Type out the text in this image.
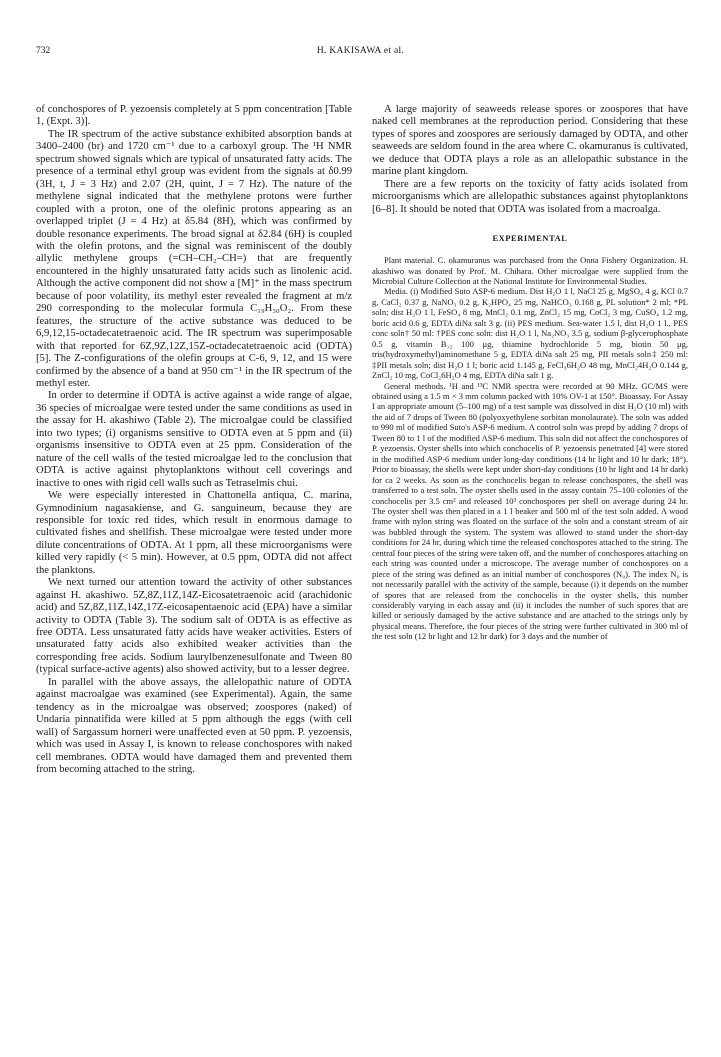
732	H. KAKISAWA et al.

of conchospores of P. yezoensis completely at 5 ppm concentration [Table 1, (Expt. 3)].

The IR spectrum of the active substance exhibited absorption bands at 3400–2400 (br) and 1720 cm⁻¹ due to a carboxyl group. The ¹H NMR spectrum showed signals which are typical of unsaturated fatty acids. The presence of a terminal ethyl group was evident from the signals at δ0.99 (3H, t, J = 3 Hz) and 2.07 (2H, quint, J = 7 Hz). The nature of the methylene signal indicated that the methylene protons were further coupled with a proton, one of the olefinic protons appearing as an overlapped triplet (J = 4 Hz) at δ5.84 (8H), which was confirmed by double resonance experiments. The broad signal at δ2.84 (6H) is coupled with the olefin protons, and the signal was reminiscent of the doubly allylic methylene groups (=CH–CH₂–CH=) that are frequently encountered in the highly unsaturated fatty acids such as linolenic acid. Although the active component did not show a [M]⁺ in the mass spectrum because of poor volatility, its methyl ester revealed the fragment at m/z 290 corresponding to the molecular formula C₁₉H₃₀O₂. From these features, the structure of the active substance was deduced to be 6,9,12,15-octadecatetraenoic acid. The IR spectrum was superimposable with that reported for 6Z,9Z,12Z,15Z-octadecatetraenoic acid (ODTA) [5]. The Z-configurations of the olefin groups at C-6, 9, 12, and 15 were confirmed by the absence of a band at 950 cm⁻¹ in the IR spectrum of the methyl ester.

In order to determine if ODTA is active against a wide range of algae, 36 species of microalgae were tested under the same conditions as used in the assay for H. akashiwo (Table 2). The microalgae could be classified into two types; (i) organisms sensitive to ODTA even at 5 ppm and (ii) organisms insensitive to ODTA even at 25 ppm. Consideration of the nature of the cell walls of the tested microalgae led to the conclusion that ODTA is active against phytoplanktons without cell coverings and inactive to ones with rigid cell walls such as Tetraselmis chui.

We were especially interested in Chattonella antiqua, C. marina, Gymnodinium nagasakiense, and G. sanguineum, because they are responsible for toxic red tides, which result in enormous damage to cultivated fishes and shellfish. These microalgae were tested under more dilute concentrations of ODTA. At 1 ppm, all these microorganisms were killed very rapidly (< 5 min). However, at 0.5 ppm, ODTA did not affect the planktons.

We next turned our attention toward the activity of other substances against H. akashiwo. 5Z,8Z,11Z,14Z-Eicosatetraenoic acid (arachidonic acid) and 5Z,8Z,11Z,14Z,17Z-eicosapentaenoic acid (EPA) have a similar activity to ODTA (Table 3). The sodium salt of ODTA is as effective as free ODTA. Less unsaturated fatty acids have weaker activities. Esters of unsaturated fatty acids also exhibited weaker activities than the corresponding free acids. Sodium laurylbenzenesulfonate and Tween 80 (typical surface-active agents) also showed activity, but to a lesser degree.

In parallel with the above assays, the allelopathic nature of ODTA against macroalgae was examined (see Experimental). Again, the same tendency as in the microalgae was observed; zoospores (naked) of Undaria pinnatifida were killed at 5 ppm although the eggs (with cell wall) of Sargassum horneri were unaffected even at 50 ppm. P. yezoensis, which was used in Assay I, is known to release conchospores with naked cell membranes. ODTA would have damaged them and prevented them from becoming attached to the string.

A large majority of seaweeds release spores or zoospores that have naked cell membranes at the reproduction period. Considering that these types of spores and zoospores are seriously damaged by ODTA, and other seaweeds are seldom found in the area where C. okamuranus is cultivated, we deduce that ODTA plays a role as an allelopathic substance in the marine plant kingdom.

There are a few reports on the toxicity of fatty acids isolated from microorganisms which are allelopathic substances against phytoplanktons [6–8]. It should be noted that ODTA was isolated from a macroalga.

EXPERIMENTAL

Plant material. C. okamuranus was purchased from the Onna Fishery Organization. H. akashiwo was donated by Prof. M. Chihara. Other microalgae were supplied from the Microbial Culture Collection at the National Institute for Environmental Studies.

Media. (i) Modified Suto ASP-6 medium. Dist H₂O 1 l, NaCl 25 g, MgSO₄ 4 g, KCl 0.7 g, CaCl₂ 0.37 g, NaNO₃ 0.2 g, K₂HPO₄ 25 mg, NaHCO₃ 0.168 g, PL solution* 2 ml; *PL soln; dist H₂O 1 l, FeSO₄ 8 mg, MnCl₂ 0.1 mg, ZnCl₂ 15 mg, CoCl₂ 3 mg, CuSO₄ 1.2 mg, boric acid 0.6 g, EDTA diNa salt 3 g. (ii) PES medium. Sea-water 1.5 l, dist H₂O 1 l., PES conc soln† 50 ml: †PES conc soln: dist H₂O 1 l, Na₂NO₃ 3.5 g, sodium β-glycerophosphate 0.5 g, vitamin B₁₂ 100 μg, thiamine hydrochloride 5 mg, biotin 50 μg, tris(hydroxymethyl)aminomethane 5 g, EDTA diNa salt 25 mg, PII metals soln‡ 250 ml: ‡PII metals soln; dist H₂O 1 l; boric acid 1.145 g, FeCl₃6H₂O 48 mg, MnCl₂4H₂O 0.144 g, ZnCl₂ 10 mg, CoCl₂6H₂O 4 mg, EDTA diNa salt 1 g.

General methods. ¹H and ¹³C NMR spectra were recorded at 90 MHz. GC/MS were obtained using a 1.5 m × 3 mm column packed with 10% OV-1 at 150°. Bioassay. For Assay I an appropriate amount (5–100 mg) of a test sample was dissolved in dist H₂O (10 ml) with the aid of 7 drops of Tween 80 (polyoxyethylene sorbitan monolaurate). The soln was added to 990 ml of modified Suto's ASP-6 medium. A control soln was prepd by adding 7 drops of Tween 80 to 1 l of the modified ASP-6 medium. This soln did not affect the conchospores of P. yezoensis. Oyster shells into which conchocelis of P. yezoensis penetrated [4] were stored in the modified ASP-6 medium under long-day conditions (14 hr light and 10 hr dark; 18°). Prior to bioassay, the shells were kept under short-day conditions (10 hr light and 14 hr dark) for ca 2 weeks. As soon as the conchocelis began to release conchospores, the shell was transferred to a test soln. The oyster shells used in the assay contain 75–100 colonies of the conchocelis per 3.5 cm² and released 10³ conchospores per shell on average during 24 hr. The oyster shell was then placed in a 1 l beaker and 500 ml of the test soln added. A wood frame with nylon string was floated on the surface of the soln and a constant stream of air was bubbled through the system. The system was allowed to stand under the short-day conditions for 24 hr, during which time the released conchospores attached to the string. The central four pieces of the string were taken off, and the number of conchospores attaching on each string was counted under a microscope. The average number of conchospores on a piece of the string was defined as an initial number of conchospores (N₀). The index N₀ is not necessarily parallel with the activity of the sample, because (i) it depends on the number of spores that are released from the conchocelis in the oyster shells, this number considerably varying in each assay and (ii) it includes the number of such spores that are killed or seriously damaged by the active substance and are attached to the strings only by physical means. Therefore, the four pieces of the string were further cultivated in 300 ml of the test soln (12 hr light and 12 hr dark) for 3 days and the number of
